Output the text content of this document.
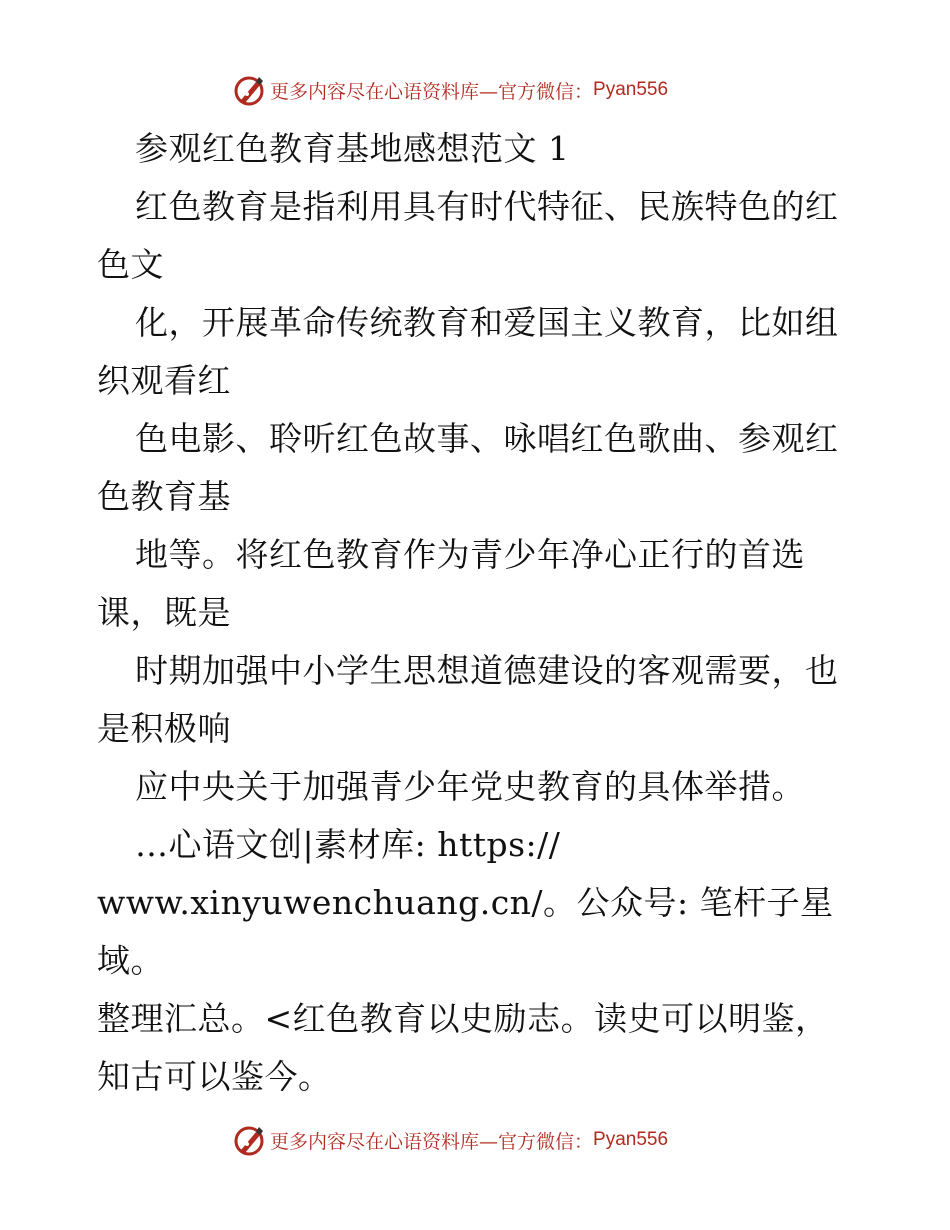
更多内容尽在心语资料库—官方微信： Pyan556

参观红色教育基地感想范文 1

红色教育是指利用具有时代特征、民族特色的红色文

化，开展革命传统教育和爱国主义教育，比如组织观看红

色电影、聆听红色故事、咏唱红色歌曲、参观红色教育基

地等。将红色教育作为青少年净心正行的首选课，既是

时期加强中小学生思想道德建设的客观需要，也是积极响

应中央关于加强青少年党史教育的具体举措。

…心语文创|素材库: https://

www.xinyuwenchuang.cn/。公众号: 笔杆子星域。

整理汇总。<红色教育以史励志。读史可以明鉴，

知古可以鉴今。

更多内容尽在心语资料库—官方微信： Pyan556
